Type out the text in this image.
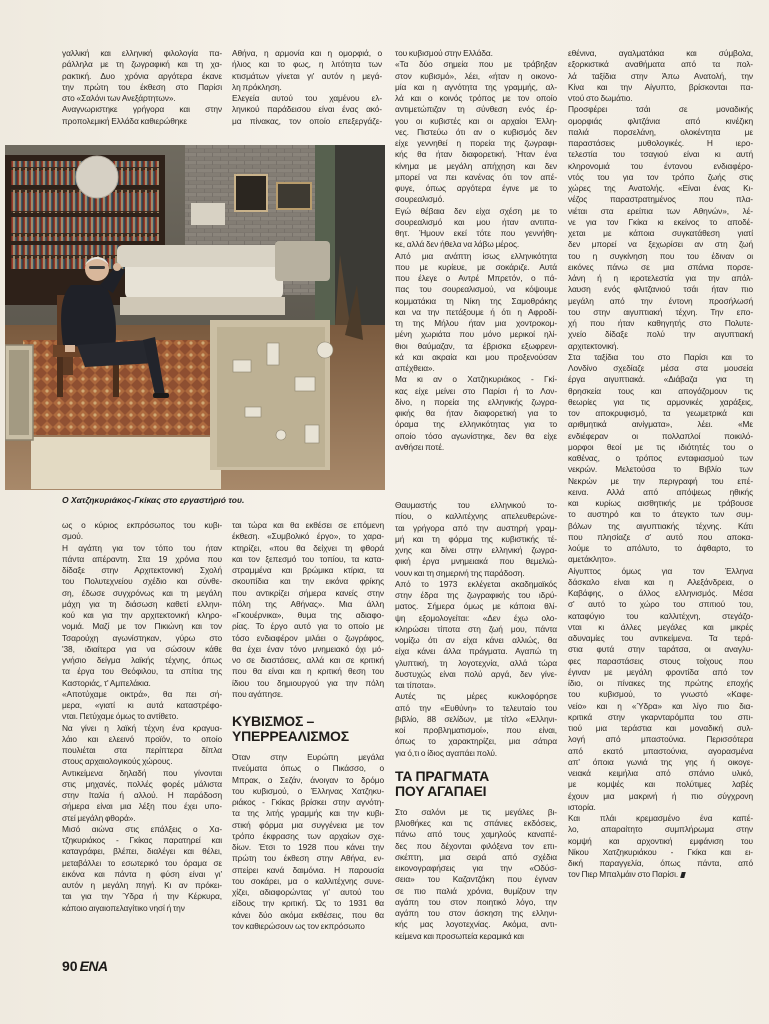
γαλλική και ελληνική φιλολογία πα-
ράλληλα με τη ζωγραφική και τη χα-
ρακτική. Δυο χρόνια αργότερα έκανε
την πρώτη του έκθεση στο Παρίσι
στο «Σαλόνι των Ανεξάρτητων».
Αναγνωριστηκε γρήγορα και στην
προπολεμική Ελλάδα καθιερώθηκε
Αθήνα, η αρμονία και η ομορφιά, ο
ήλιος και το φως, η λιτότητα των
κτισμάτων γίνεται γι' αυτόν η μεγά-
λη πρόκληση.
Ελεγεία αυτού του χαμένου ελ-
ληνικού παράδεισου είναι ένας ακό-
μα πίνακας, τον οποίο επεξεργάζε-
Ο Χατζηκυριάκος-Γκίκας στο εργαστήριό του.
του κυβισμού στην Ελλάδα.
«Τα δύο σημεία που με τράβηξαν
στον κυβισμό», λέει, «ήταν η οικονο-
μία και η αγνότητα της γραμμής, αλ-
λά και ο κοινός τρόπος με τον οποίο
αντιμετώπιζαν τη σύνθεση ενός έρ-
γου οι κυβιστές και οι αρχαίοι Έλλη-
νες. Πιστεύω ότι αν ο κυβισμός δεν
είχε γεννηθεί η πορεία της ζωγραφι-
κής θα ήταν διαφορετική. Ήταν ένα
κίνημα με μεγάλη απήχηση και δεν
μπορεί να πει κανένας ότι τον απέ-
φυγε, όπως αργότερα έγινε με το
σουρεαλισμό.
Εγώ θέβαια δεν είχα σχέση με το
σουρεαλισμό και μου ήταν αντιπα-
θητ. Ήμουν εκεί τότε που γεννήθη-
κε, αλλά δεν ήθελα να λάβω μέρος.
Από μια ανάπτη ίσως ελληνικότητα
που με κυρίευε, με σοκάριζε. Αυτά
που έλεγε ο Αντρέ Μπρετόν, ο πά-
πας του σουρεαλισμού, να κόψουμε
κομματάκια τη Νίκη της Σαμοθράκης
και να την πετάξουμε ή ότι η Αφροδί-
τη της Μήλου ήταν μια χοντροκομ-
μένη χωριάτα που μόνο μερικοί ηλί-
θιοι θαύμαζαν, τα έβρισκα εξωφρενι-
κά και ακραία και μου προξενούσαν
απέχθεια».
Μα κι αν ο Χατζηκυριάκος - Γκί-
κας είχε μείνει στο Παρίσι ή το Λον-
δίνο, η πορεία της ελληνικής ζωγρα-
φικής θα ήταν διαφορετική για το
όραμα της ελληνικότητας για το
οποίο τόσο αγωνίστηκε, δεν θα είχε
ανθήσει ποτέ.
εθένινα, αγαλματάκια και σύμβολα,
εξορκιστικά αναθήματα από τα πολ-
λά ταξίδια στην Άπω Ανατολή, την
Κίνα και την Αίγυπτο, βρίσκονται πα-
ντού στο δωμάτιο.
Προσφέρει τσάι σε μοναδικής
ομορφιάς φλιτζάνια από κινέζικη
παλιά πορσελάνη, ολοκέντητα με
παραστάσεις μυθολογικές. Η ιερο-
τελεστία του τσαγιού είναι κι αυτή
κληρονομιά του έντονου ενδιαφέρο-
ντός του για τον τρόπο ζωής στις
χώρες της Ανατολής. «Είναι ένας Κι-
νέζος παραστρατημένος που πλα-
νιέται στα ερείπια των Αθηνών», λέ-
νε για τον Γκίκα κι εκείνος το αποδέ-
χεται με κάποια συγκατάθεση γιατί
δεν μπορεί να ξεχωρίσει αν στη ζωή
του η συγκίνηση που του έδιναν οι
εικόνες πάνω σε μια σπάνια πορσε-
λάνη ή η ιεροτελεστία για την απόλ-
λαυση ενός φλιτζανιού τσάι ήταν πιο
μεγάλη από την έντονη προσήλωσή
του στην αιγυπτιακή τέχνη. Την επο-
χή που ήταν καθηγητής στο Πολυτε-
χνείο δίδαξε πολύ την αιγυπτιακή
αρχιτεκτονική.
Στα ταξίδια του στο Παρίσι και το
Λονδίνο σχεδίαζε μέσα στα μουσεία
έργα αιγυπτιακά. «Διάβαζα για τη
θρησκεία τους και απογάζομουν τις
θεωρίες για τις αρμονικές χαράξεις,
τον αποκρυφισμό, τα γεωμετρικά και
αριθμητικά αινίγματα», λέει. «Με
ενδιέφεραν οι πολλαπλοί ποικιλό-
μορφοι θεοί με τις ιδιότητές του ο
καθένας, ο τρόπος ενταφιασμού των
νεκρών. Μελετούσα το Βιβλίο των
Νεκρών με την περιγραφή του επέ-
κεινα. Αλλά από απόψεως ηθικής
και κυρίως αισθητικής με τράβουσε
το αυστηρό και το άτεγκτο των συμ-
βόλων της αιγυπτιακής τέχνης. Κάτι
που πλησίαζε σ' αυτό που αποκα-
λούμε το απόλυτο, το άφθαρτο, το
αμετάκλητο».
Αίγυπτος όμως για τον Έλληνα
δάσκαλο είναι και η Αλεξάνδρεια, ο
Καβάφης, ο άλλος ελληνισμός. Μέσα
σ' αυτό το χώρο του σπιτιού του,
καταφύγιο του καλλιτέχνη, στεγάζο-
νται κι άλλες μεγάλες και μικρές
αδυναμίες του αντικείμενα. Τα τερά-
στια φυτά στην ταράτσα, οι αναγλυ-
φες παραστάσεις στους τοίχους που
έγιναν με μεγάλη φροντίδα από τον
ίδιο, οι πίνακες της πρώτης εποχής
του κυβισμού, το γνωστό «Καφε-
νείο» και η «Ύδρα» και λίγο πιο δια-
κριτικά στην γκαρνταρόμπα του σπι-
τιού μια τεράστια και μοναδική συλ-
λογή από μπαστούνια. Περισσότερα
από εκατό μπαστούνια, αγορασμένα
απ' όποια γωνιά της γης ή οικογε-
νειακά κειμήλια από σπάνιο υλικό,
με κομψές και πολύτιμες λαβές
έχουν μια μακρινή ή πιο σύγχρονη
ιστορία.
Και πλάι κρεμασμένο ένα καπέ-
λο, απαραίτητο συμπλήρωμα στην
κομψή και αρχοντική εμφάνιση του
Νίκου Χατζηκυριάκου - Γκίκα και ει-
δική παραγγελία, όπως πάντα, από
τον Πιερ Μπαλμάιν στο Παρίσι.
ως ο κύριος εκπρόσωπος του κυβι-
σμού.
Η αγάπη για τον τόπο του ήταν
πάντα απέραντη. Στα 19 χρόνια που
δίδαξε στην Αρχιτεκτονική Σχολή
του Πολυτεχνείου σχέδιο και σύνθε-
ση, έδωσε συγχρόνως και τη μεγάλη
μάχη για τη διάσωση καθετί ελληνι-
κού και για την αρχιτεκτονική κληρο-
νομιά. Μαζί με τον Πικιώνη και τον
Τσαρούχη αγωνίστηκαν, γύρω στο
'38, ιδιαίτερα για να σώσουν κάθε
γνήσιο δείγμα λαϊκής τέχνης, όπως
τα έργα του Θεόφιλου, τα σπίτια της
Καστοριάς, τ' Αμπελάκια.
«Αποτύχαμε οικτρά», θα πει σή-
μερα, «γιατί κι αυτά καταστρέφο-
νται. Πετύχαμε όμως το αντίθετο.
Να γίνει η λαϊκή τέχνη ένα κραγυα-
λάιο και ελεεινό προϊόν, το οποίο
πουλιέται στα περίπτερα δίπλα
στους αρχαιολογικούς χώρους.
Αντικείμενα δηλαδή που γίνονται
στις μηχανές, πολλές φορές μάλιστα
στην Ιταλία ή αλλού. Η παράδοση
σήμερα είναι μια λέξη που έχει υπο-
στεί μεγάλη φθορά».
Μισό αιώνα στις επάλξεις ο Χα-
τζηκυριάκος - Γκίκας παρατηρεί και
καταγράφει, βλέπει, διαλέγει και θέλει,
μεταβάλλει το εσωτερικό του όραμα σε
εικόνα και πάντα η φύση είναι γι'
αυτόν η μεγάλη πηγή. Κι αν πρόκει-
ται για την Ύδρα ή την Κέρκυρα,
κάποιο αιγαιοπελαγίτικο νησί ή την
ται τώρα και θα εκθέσει σε επόμενη
έκθεση. «Συμβολικό έργο», το χαρα-
κτηρίζει, «που θα δείχνει τη φθορά
και τον ξεπεσμό του τοπίου, τα κατα-
στραμμένα και βρώμικα κτίρια, τα
σκουπίδια και την εικόνα φρίκης
που αντικρίζει σήμερα κανείς στην
πόλη της Αθήνας». Μια άλλη
«Γκουέρνικα», θυμα της αδιαφο-
ρίας. Το έργο αυτό για το οποίο με
τόσο ενδιαφέρον μιλάει ο ζωγράφος,
θα έχει έναν τόνο μνημειακό όχι μό-
νο σε διαστάσεις, αλλά και σε κριτική
που θα είναι και η κριτική θεση του
ίδιου του δημιουργού για την πόλη
που αγάπησε.
ΚΥΒΙΣΜΟΣ –
ΥΠΕΡΡΕΑΛΙΣΜΟΣ
Όταν στην Ευρώπη μεγάλα
πνεύματα όπως ο Πικάσσο, ο
Μπρακ, ο Σεζάν, άνοιγαν το δρόμο
του κυβισμού, ο Έλληνας Χατζηκυ-
ριάκος - Γκίκας βρίσκει στην αγνότη-
τα της λιτής γραμμής και την κυβι-
στική φόρμα μια συγγένεια με τον
τρόπο έκφρασης των αρχαίων σχε-
δίων. Έτσι το 1928 που κάνει την
πρώτη του έκθεση στην Αθήνα, εν-
σπείρει κανά δαιμόνια. Η παρουσία
του σοκάρει, μα ο καλλιτέχνης συνε-
χίζει, αδιαφορώντας γι' αυτού του
είδους την κριτική. Ώς το 1931 θα
κάνει δύο ακόμα εκθέσεις, που θα
τον καθιερώσουν ως τον εκπρόσωπο
Θαυμαστής του ελληνικού το-
πίου, ο καλλιτέχνης απελευθερώνε-
ται γρήγορα από την αυστηρή γραμ-
μή και τη φόρμα της κυβιστικής τέ-
χνης και δίνει στην ελληνική ζωγρα-
φική έργα μνημειακά που θεμελιώ-
νουν και τη σημερινή της παράδοση.
Από το 1973 εκλέγεται ακαδημαϊκός
στην έδρα της ζωγραφικής του ιδρύ-
ματος. Σήμερα όμως με κάποια θλί-
ψη εξομολογείται: «Δεν έχω ολο-
κληρώσει τίποτα στη ζωή μου, πάντα
νομίζω ότι αν είχα κάνει αλλιώς, θα
είχα κάνει άλλα πράγματα. Αγαπώ τη
γλυπτική, τη λογοτεχνία, αλλά τώρα
δυστυχώς είναι πολύ αργά, δεν γίνε-
ται τίποτα».
Αυτές τις μέρες κυκλοφόρησε
από την «Ευθύνη» το τελευταίο του
βιβλίο, 88 σελίδων, με τίτλο «Ελληνι-
κοί προβληματισμοί», που είναι,
όπως το χαρακτηρίζει, μια σάτιρα
για ό,τι ο ίδιος αγαπάει πολύ.
ΤΑ ΠΡΑΓΜΑΤΑ
ΠΟΥ ΑΓΑΠΑΕΙ
Στο σαλόνι με τις μεγάλες βι-
βλιοθήκες και τις σπάνιες εκδόσεις,
πάνω από τους χαμηλούς καναπέ-
δες που δέχονται φιλόξενα τον επι-
σκέπτη, μια σειρά από σχέδια
εικονογραφήσεις για την «Οδύσ-
σεια» του Καζαντζάκη που έγιναν
σε πιο παλιά χρόνια, θυμίζουν την
αγάπη του στον ποιητικό λόγο, την
αγάπη του στον άσκηση της ελληνι-
κής μας λογοτεχνίας. Ακόμα, αντι-
κείμενα και προσωπεία κεραμικά και
90 ΕΝΑ
